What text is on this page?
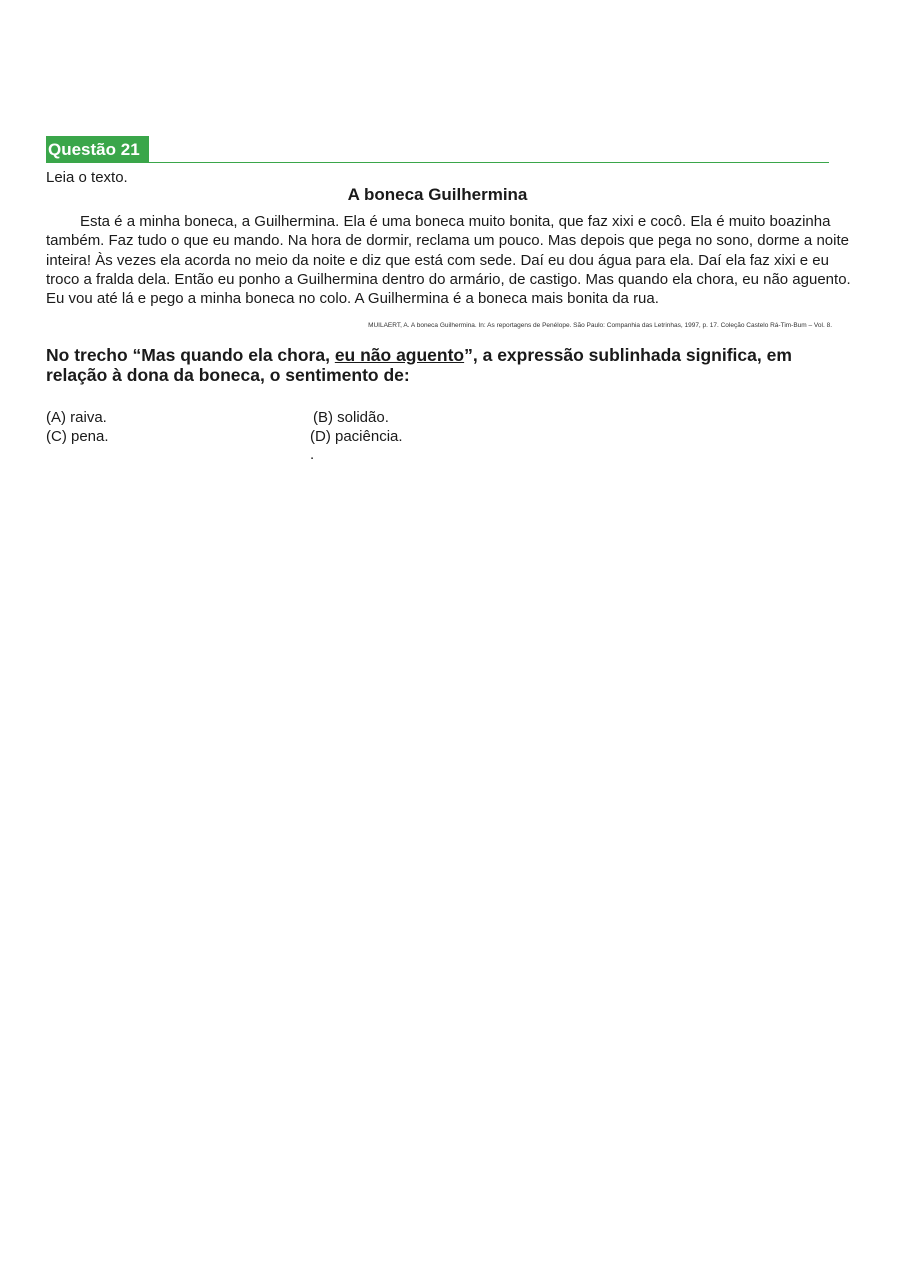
Questão 21
Leia o texto.
A boneca Guilhermina

Esta é a minha boneca, a Guilhermina. Ela é uma boneca muito bonita, que faz xixi e cocô. Ela é muito boazinha também. Faz tudo o que eu mando. Na hora de dormir, reclama um pouco. Mas depois que pega no sono, dorme a noite inteira! Às vezes ela acorda no meio da noite e diz que está com sede. Daí eu dou água para ela. Daí ela faz xixi e eu troco a fralda dela. Então eu ponho a Guilhermina dentro do armário, de castigo. Mas quando ela chora, eu não aguento. Eu vou até lá e pego a minha boneca no colo. A Guilhermina é a boneca mais bonita da rua.

MUILAERT, A. A boneca Guilhermina. In: As reportagens de Penélope. São Paulo: Companhia das Letrinhas, 1997, p. 17. Coleção Castelo Rá-Tim-Bum – Vol. 8.
No trecho “Mas quando ela chora, eu não aguento”, a expressão sublinhada significa, em relação à dona da boneca, o sentimento de:
(A) raiva.	(B) solidão.
(C) pena.	(D) paciência.
.
